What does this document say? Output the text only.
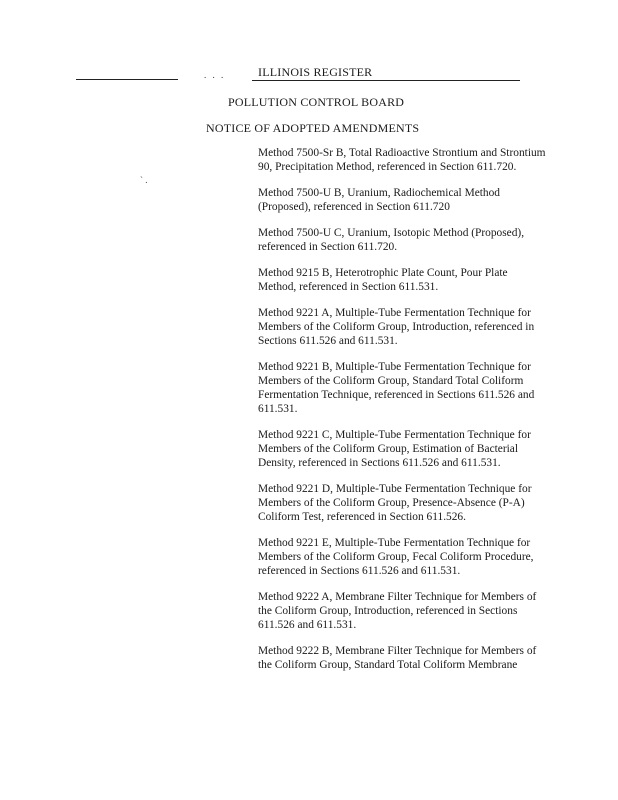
. . .	ILLINOIS REGISTER
POLLUTION CONTROL BOARD
NOTICE OF ADOPTED AMENDMENTS
` .
Method 7500-Sr B, Total Radioactive Strontium and Strontium 90, Precipitation Method, referenced in Section 611.720.
Method 7500-U B, Uranium, Radiochemical Method (Proposed), referenced in Section 611.720
Method 7500-U C, Uranium, Isotopic Method (Proposed), referenced in Section 611.720.
Method 9215 B, Heterotrophic Plate Count, Pour Plate Method, referenced in Section 611.531.
Method 9221 A, Multiple-Tube Fermentation Technique for Members of the Coliform Group, Introduction, referenced in Sections 611.526 and 611.531.
Method 9221 B, Multiple-Tube Fermentation Technique for Members of the Coliform Group, Standard Total Coliform Fermentation Technique, referenced in Sections 611.526 and 611.531.
Method 9221 C, Multiple-Tube Fermentation Technique for Members of the Coliform Group, Estimation of Bacterial Density, referenced in Sections 611.526 and 611.531.
Method 9221 D, Multiple-Tube Fermentation Technique for Members of the Coliform Group, Presence-Absence (P-A) Coliform Test, referenced in Section 611.526.
Method 9221 E, Multiple-Tube Fermentation Technique for Members of the Coliform Group, Fecal Coliform Procedure, referenced in Sections 611.526 and 611.531.
Method 9222 A, Membrane Filter Technique for Members of the Coliform Group, Introduction, referenced in Sections 611.526 and 611.531.
Method 9222 B, Membrane Filter Technique for Members of the Coliform Group, Standard Total Coliform Membrane
